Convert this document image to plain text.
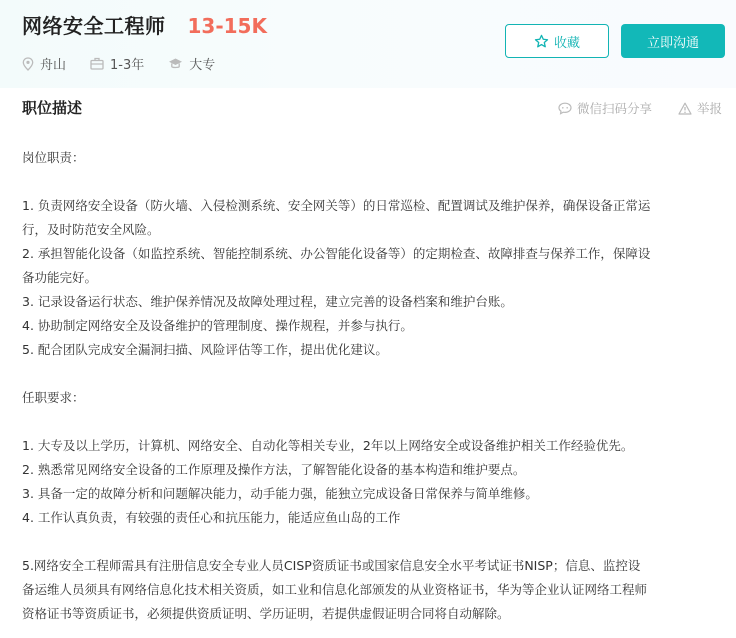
网络安全工程师 13-15K
舟山	1-3年	大专
收藏	立即沟通
职位描述	微信扫码分享	举报
岗位职责：
1. 负责网络安全设备（防火墙、入侵检测系统、安全网关等）的日常巡检、配置调试及维护保养，确保设备正常运
行，及时防范安全风险。
2. 承担智能化设备（如监控系统、智能控制系统、办公智能化设备等）的定期检查、故障排查与保养工作，保障设
备功能完好。
3. 记录设备运行状态、维护保养情况及故障处理过程，建立完善的设备档案和维护台账。
4. 协助制定网络安全及设备维护的管理制度、操作规程，并参与执行。
5. 配合团队完成安全漏洞扫描、风险评估等工作，提出优化建议。
任职要求：
1. 大专及以上学历，计算机、网络安全、自动化等相关专业，2年以上网络安全或设备维护相关工作经验优先。
2. 熟悉常见网络安全设备的工作原理及操作方法，了解智能化设备的基本构造和维护要点。
3. 具备一定的故障分析和问题解决能力，动手能力强，能独立完成设备日常保养与简单维修。
4. 工作认真负责，有较强的责任心和抗压能力，能适应鱼山岛的工作
5.网络安全工程师需具有注册信息安全专业人员CISP资质证书或国家信息安全水平考试证书NISP；信息、监控设
备运维人员须具有网络信息化技术相关资质，如工业和信息化部颁发的从业资格证书，华为等企业认证网络工程师
资格证书等资质证书，必须提供资质证明、学历证明，若提供虚假证明合同将自动解除。
